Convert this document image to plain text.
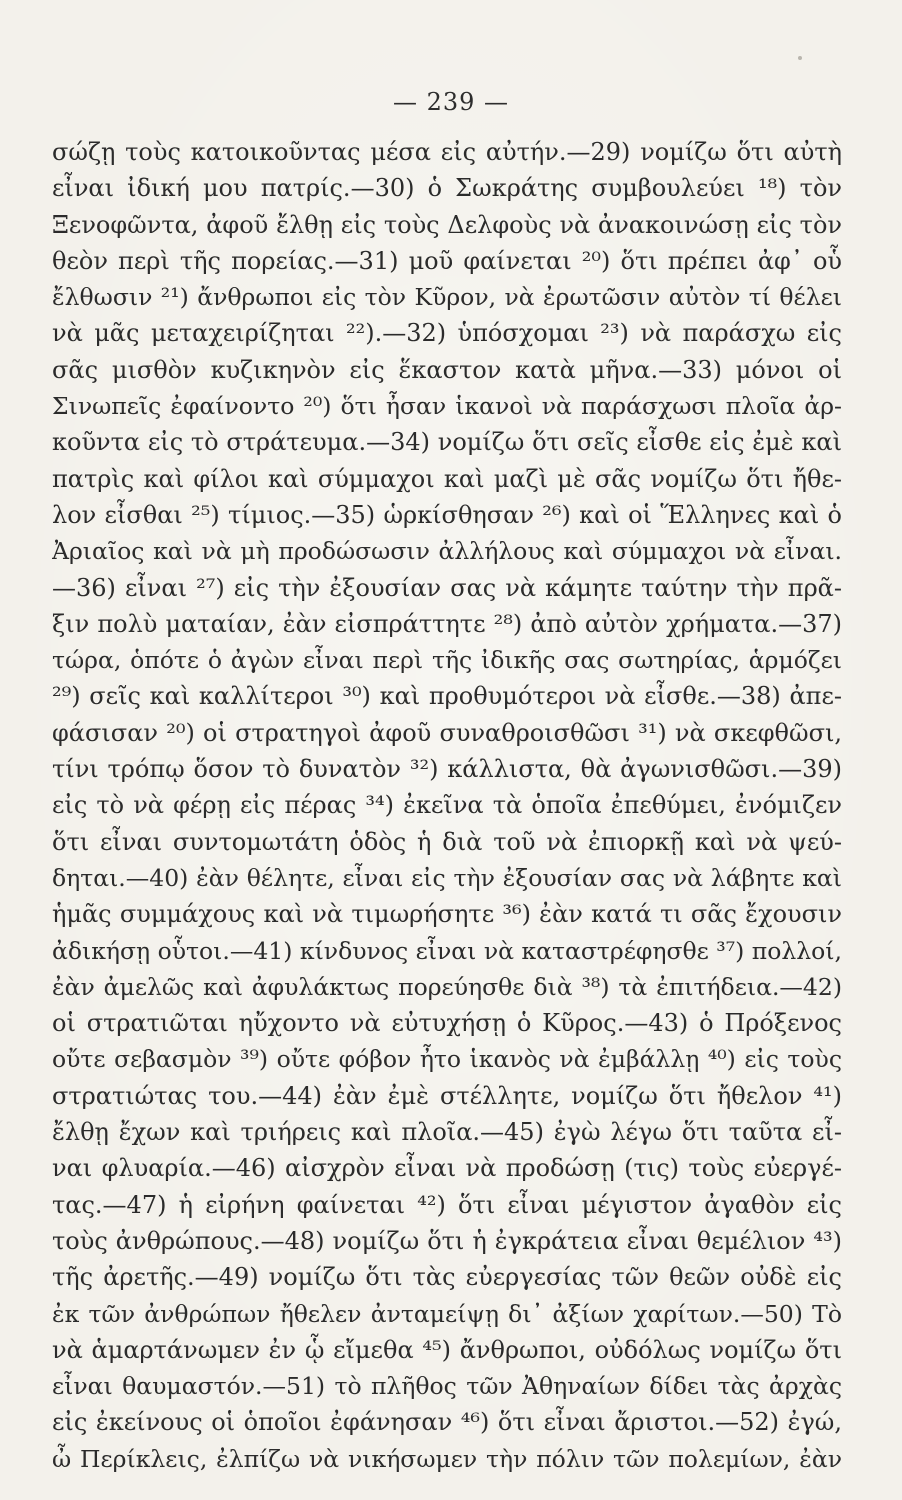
— 239 —
σώζῃ τοὺς κατοικοῦντας μέσα εἰς αὐτήν.—29) νομίζω ὅτι αὐτὴ
εἶναι ἰδική μου πατρίς.—30) ὁ Σωκράτης συμβουλεύει ¹⁸) τὸν
Ξενοφῶντα, ἀφοῦ ἔλθῃ εἰς τοὺς Δελφοὺς νὰ ἀνακοινώσῃ εἰς τὸν
θεὸν περὶ τῆς πορείας.—31) μοῦ φαίνεται ²⁰) ὅτι πρέπει ἀφ᾽ οὗ
ἔλθωσιν ²¹) ἄνθρωποι εἰς τὸν Κῦρον, νὰ ἐρωτῶσιν αὐτὸν τί θέλει
νὰ μᾶς μεταχειρίζηται ²²).—32) ὑπόσχομαι ²³) νὰ παράσχω εἰς
σᾶς μισθὸν κυζικηνὸν εἰς ἕκαστον κατὰ μῆνα.—33) μόνοι οἱ
Σινωπεῖς ἐφαίνοντο ²⁰) ὅτι ἦσαν ἱκανοὶ νὰ παράσχωσι πλοῖα ἀρ-
κοῦντα εἰς τὸ στράτευμα.—34) νομίζω ὅτι σεῖς εἶσθε εἰς ἐμὲ καὶ
πατρὶς καὶ φίλοι καὶ σύμμαχοι καὶ μαζὶ μὲ σᾶς νομίζω ὅτι ἤθε-
λον εἶσθαι ²⁵) τίμιος.—35) ὡρκίσθησαν ²⁶) καὶ οἱ Ἕλληνες καὶ ὁ
Ἀριαῖος καὶ νὰ μὴ προδώσωσιν ἀλλήλους καὶ σύμμαχοι νὰ εἶναι.
—36) εἶναι ²⁷) εἰς τὴν ἐξουσίαν σας νὰ κάμητε ταύτην τὴν πρᾶ-
ξιν πολὺ ματαίαν, ἐὰν εἰσπράττητε ²⁸) ἀπὸ αὐτὸν χρήματα.—37)
τώρα, ὁπότε ὁ ἀγὼν εἶναι περὶ τῆς ἰδικῆς σας σωτηρίας, ἁρμόζει
²⁹) σεῖς καὶ καλλίτεροι ³⁰) καὶ προθυμότεροι νὰ εἶσθε.—38) ἀπε-
φάσισαν ²⁰) οἱ στρατηγοὶ ἀφοῦ συναθροισθῶσι ³¹) νὰ σκεφθῶσι,
τίνι τρόπῳ ὅσον τὸ δυνατὸν ³²) κάλλιστα, θὰ ἀγωνισθῶσι.—39)
εἰς τὸ νὰ φέρῃ εἰς πέρας ³⁴) ἐκεῖνα τὰ ὁποῖα ἐπεθύμει, ἐνόμιζεν
ὅτι εἶναι συντομωτάτη ὁδὸς ἡ διὰ τοῦ νὰ ἐπιορκῇ καὶ νὰ ψεύ-
δηται.—40) ἐὰν θέλητε, εἶναι εἰς τὴν ἐξουσίαν σας νὰ λάβητε καὶ
ἡμᾶς συμμάχους καὶ νὰ τιμωρήσητε ³⁶) ἐὰν κατά τι σᾶς ἔχουσιν
ἀδικήσῃ οὗτοι.—41) κίνδυνος εἶναι νὰ καταστρέφησθε ³⁷) πολλοί,
ἐὰν ἀμελῶς καὶ ἀφυλάκτως πορεύησθε διὰ ³⁸) τὰ ἐπιτήδεια.—42)
οἱ στρατιῶται ηὔχοντο νὰ εὐτυχήσῃ ὁ Κῦρος.—43) ὁ Πρόξενος
οὔτε σεβασμὸν ³⁹) οὔτε φόβον ἦτο ἱκανὸς νὰ ἐμβάλλῃ ⁴⁰) εἰς τοὺς
στρατιώτας του.—44) ἐὰν ἐμὲ στέλλητε, νομίζω ὅτι ἤθελον ⁴¹)
ἔλθῃ ἔχων καὶ τριήρεις καὶ πλοῖα.—45) ἐγὼ λέγω ὅτι ταῦτα εἶ-
ναι φλυαρία.—46) αἰσχρὸν εἶναι νὰ προδώσῃ (τις) τοὺς εὐεργέ-
τας.—47) ἡ εἰρήνη φαίνεται ⁴²) ὅτι εἶναι μέγιστον ἀγαθὸν εἰς
τοὺς ἀνθρώπους.—48) νομίζω ὅτι ἡ ἐγκράτεια εἶναι θεμέλιον ⁴³)
τῆς ἀρετῆς.—49) νομίζω ὅτι τὰς εὐεργεσίας τῶν θεῶν οὐδὲ εἰς
ἐκ τῶν ἀνθρώπων ἤθελεν ἀνταμείψῃ δι᾽ ἀξίων χαρίτων.—50) Τὸ
νὰ ἁμαρτάνωμεν ἐν ᾧ εἴμεθα ⁴⁵) ἄνθρωποι, οὐδόλως νομίζω ὅτι
εἶναι θαυμαστόν.—51) τὸ πλῆθος τῶν Ἀθηναίων δίδει τὰς ἀρχὰς
εἰς ἐκείνους οἱ ὁποῖοι ἐφάνησαν ⁴⁶) ὅτι εἶναι ἄριστοι.—52) ἐγώ,
ὦ Περίκλεις, ἐλπίζω νὰ νικήσωμεν τὴν πόλιν τῶν πολεμίων, ἐὰν
